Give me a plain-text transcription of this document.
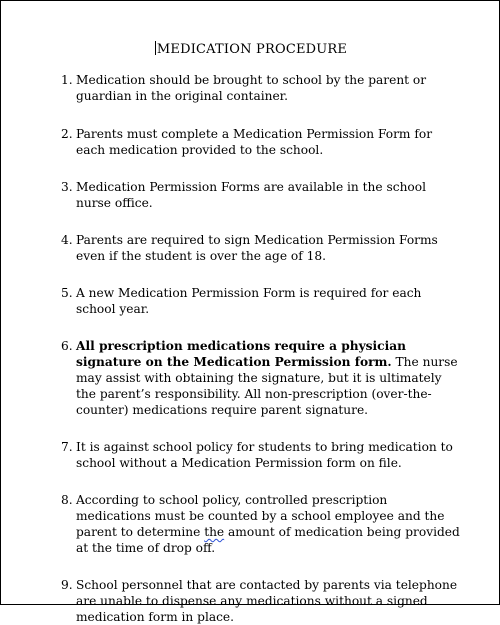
MEDICATION PROCEDURE
1. Medication should be brought to school by the parent or guardian in the original container.
2. Parents must complete a Medication Permission Form for each medication provided to the school.
3. Medication Permission Forms are available in the school nurse office.
4. Parents are required to sign Medication Permission Forms even if the student is over the age of 18.
5. A new Medication Permission Form is required for each school year.
6. All prescription medications require a physician signature on the Medication Permission form. The nurse may assist with obtaining the signature, but it is ultimately the parent’s responsibility. All non-prescription (over-the-counter) medications require parent signature.
7. It is against school policy for students to bring medication to school without a Medication Permission form on file.
8. According to school policy, controlled prescription medications must be counted by a school employee and the parent to determine the amount of medication being provided at the time of drop off.
9. School personnel that are contacted by parents via telephone are unable to dispense any medications without a signed medication form in place.
